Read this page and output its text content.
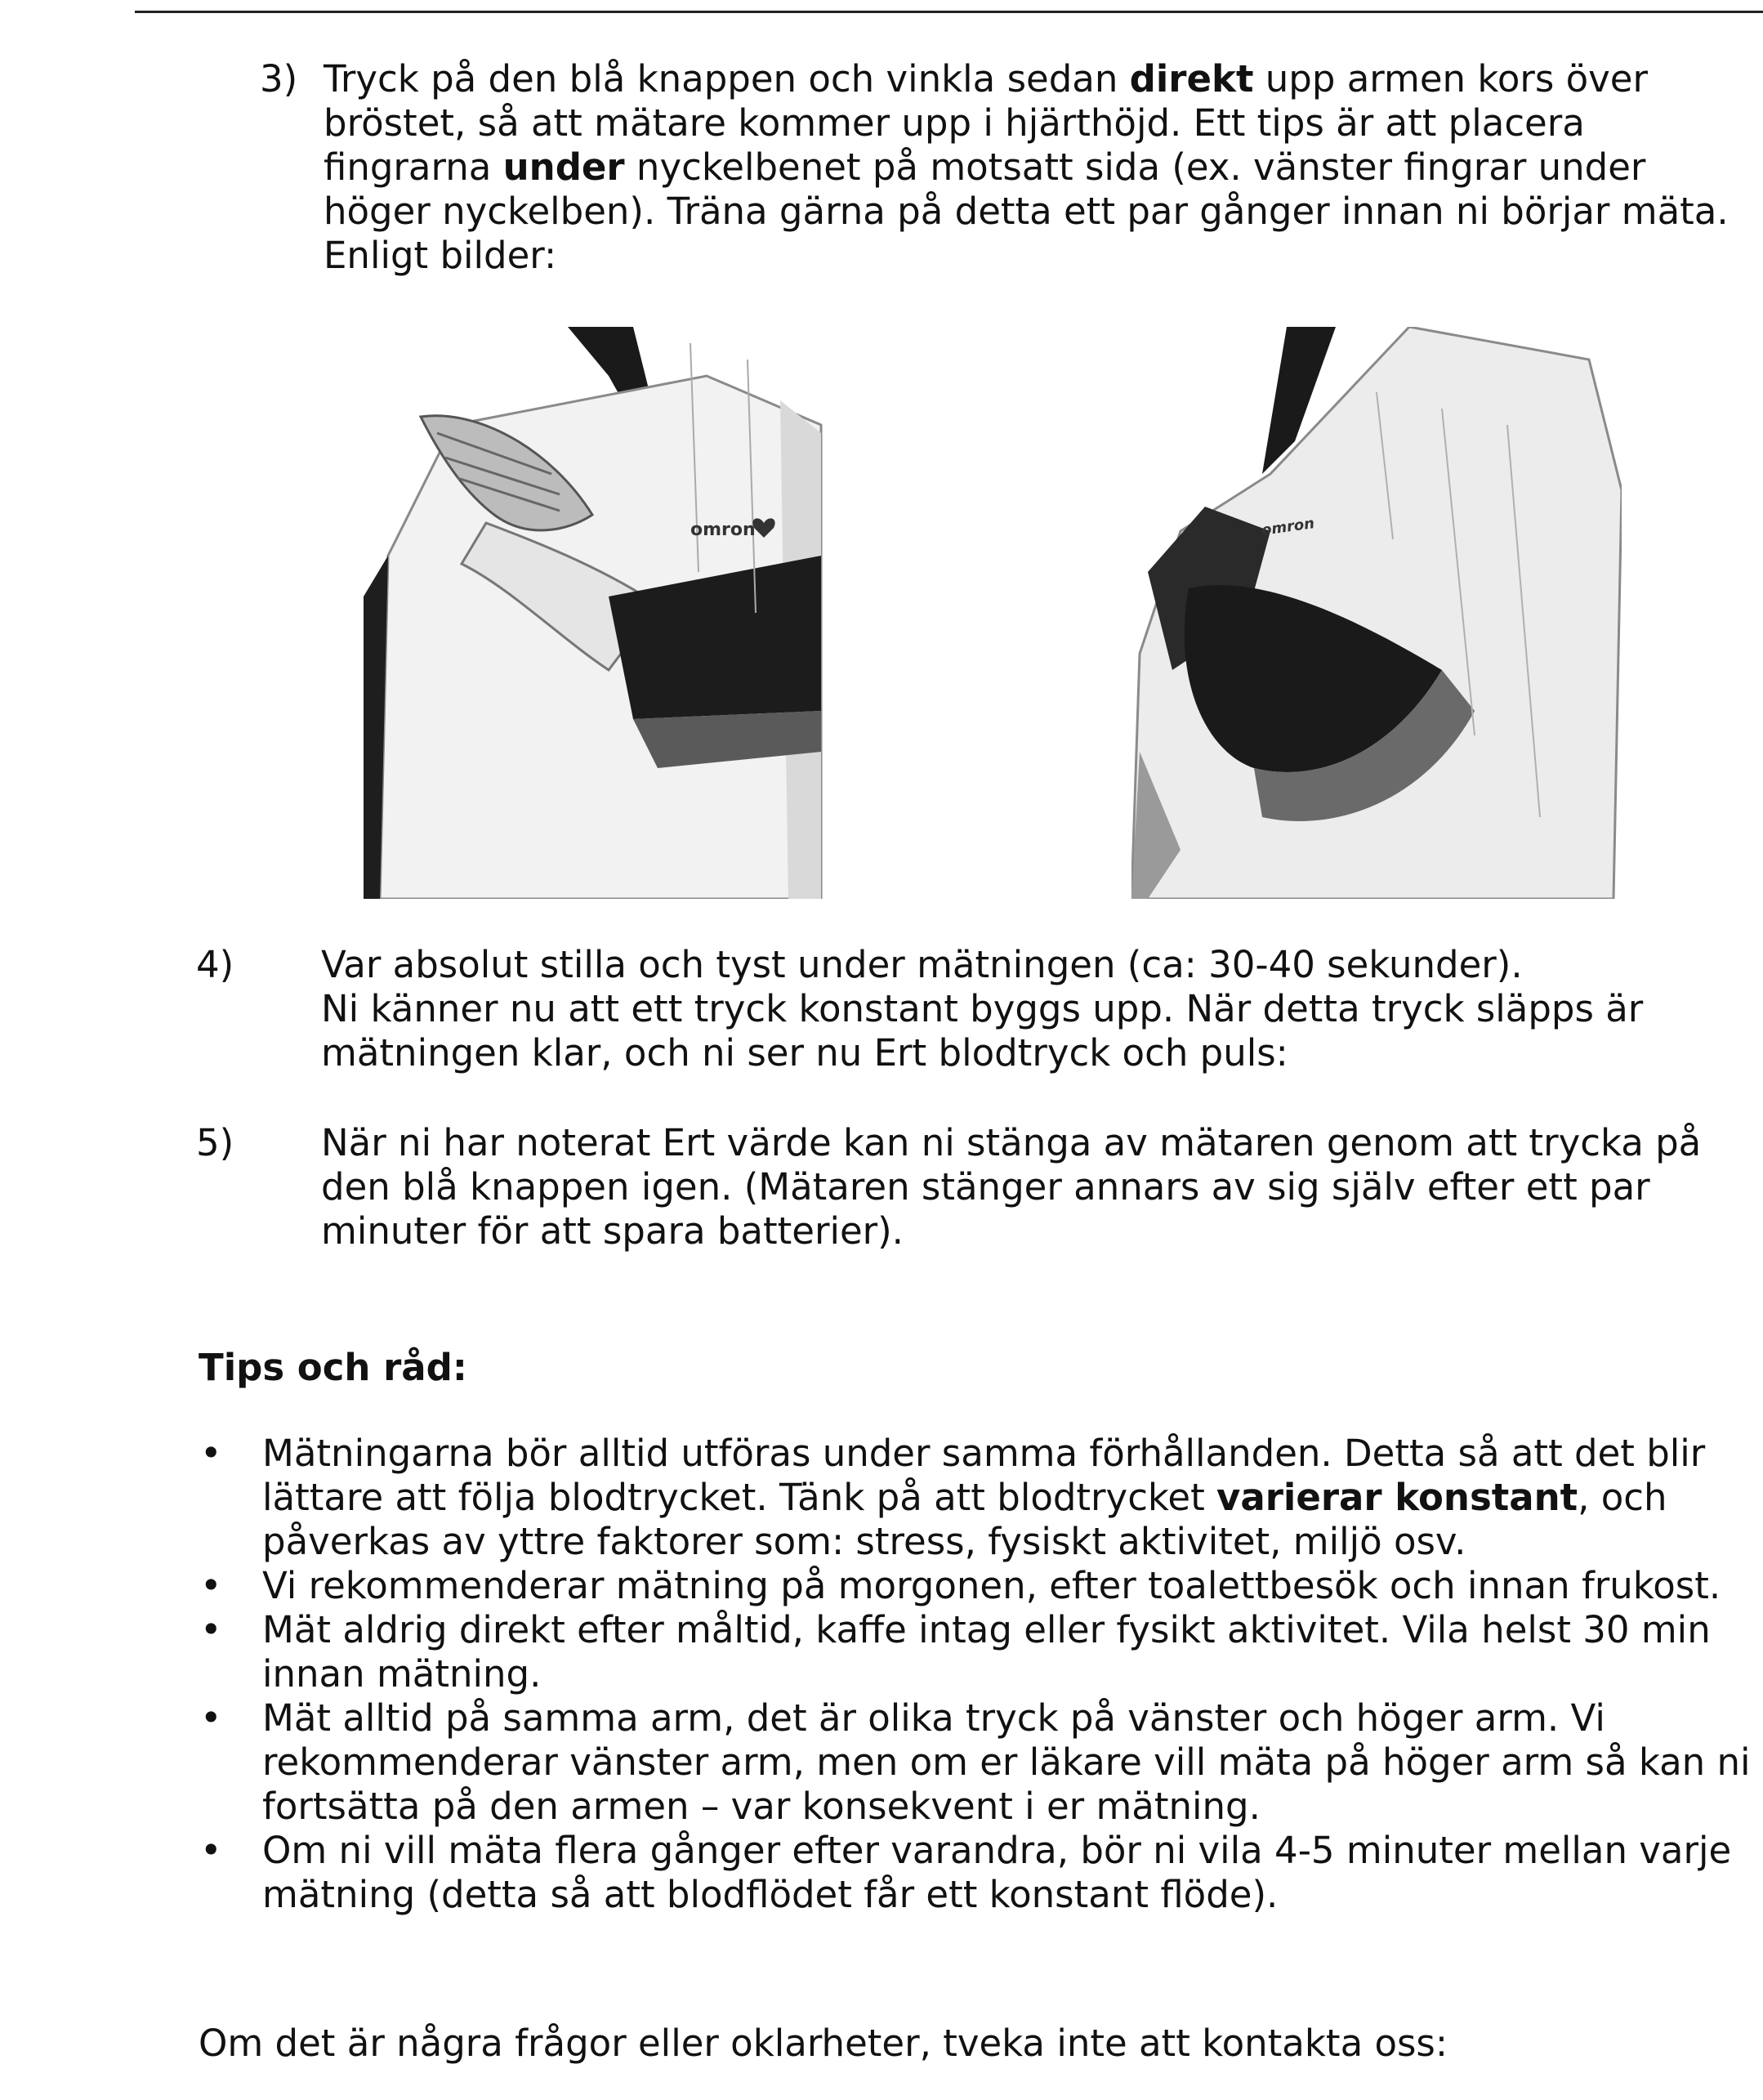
3) Tryck på den blå knappen och vinkla sedan direkt upp armen kors över bröstet, så att mätare kommer upp i hjärthöjd. Ett tips är att placera fingrarna under nyckelbenet på motsatt sida (ex. vänster fingrar under höger nyckelben). Träna gärna på detta ett par gånger innan ni börjar mäta.
Enligt bilder:
omron	omron
4) Var absolut stilla och tyst under mätningen (ca: 30-40 sekunder).
Ni känner nu att ett tryck konstant byggs upp. När detta tryck släpps är mätningen klar, och ni ser nu Ert blodtryck och puls:
5) När ni har noterat Ert värde kan ni stänga av mätaren genom att trycka på den blå knappen igen. (Mätaren stänger annars av sig själv efter ett par minuter för att spara batterier).
Tips och råd:
• Mätningarna bör alltid utföras under samma förhållanden. Detta så att det blir lättare att följa blodtrycket. Tänk på att blodtrycket varierar konstant, och påverkas av yttre faktorer som: stress, fysiskt aktivitet, miljö osv.
• Vi rekommenderar mätning på morgonen, efter toalettbesök och innan frukost.
• Mät aldrig direkt efter måltid, kaffe intag eller fysikt aktivitet. Vila helst 30 min innan mätning.
• Mät alltid på samma arm, det är olika tryck på vänster och höger arm. Vi rekommenderar vänster arm, men om er läkare vill mäta på höger arm så kan ni fortsätta på den armen – var konsekvent i er mätning.
• Om ni vill mäta flera gånger efter varandra, bör ni vila 4-5 minuter mellan varje mätning (detta så att blodflödet får ett konstant flöde).
Om det är några frågor eller oklarheter, tveka inte att kontakta oss:
